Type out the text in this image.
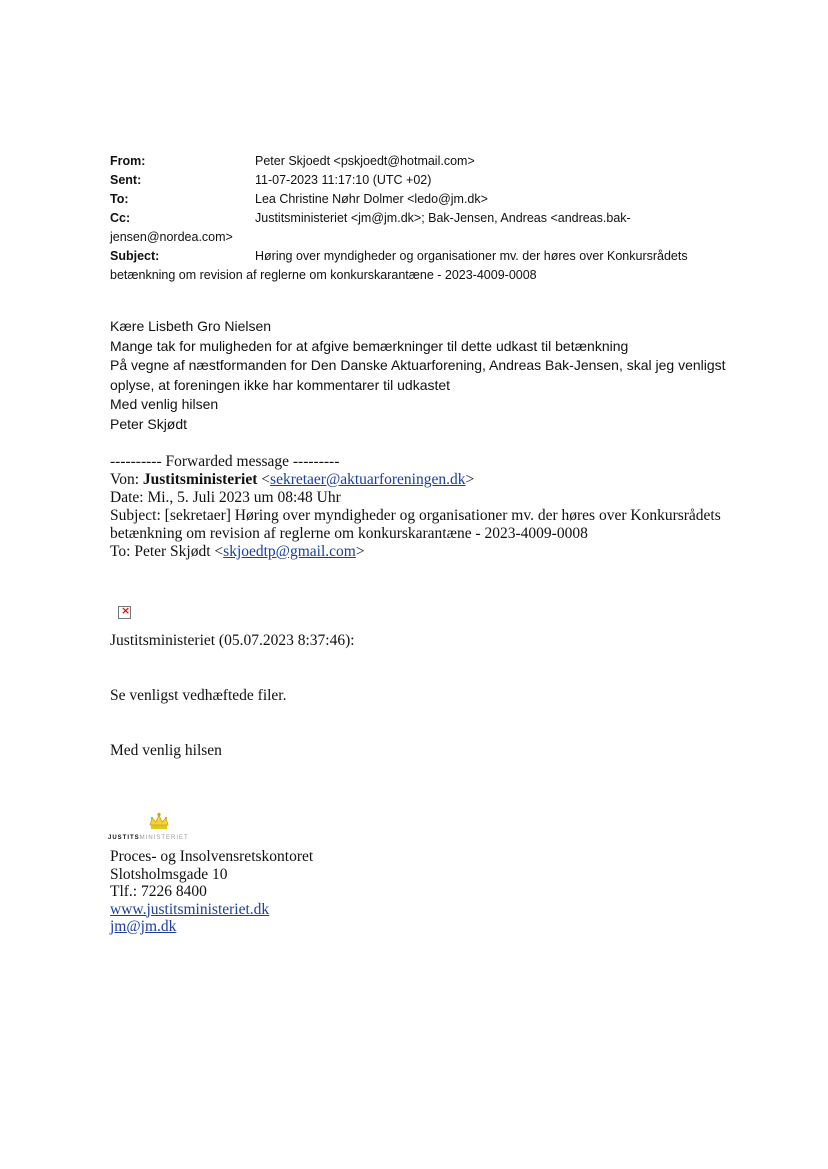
From:	Peter Skjoedt <pskjoedt@hotmail.com>
Sent:	11-07-2023 11:17:10 (UTC +02)
To:	Lea Christine Nøhr Dolmer <ledo@jm.dk>
Cc:	Justitsministeriet <jm@jm.dk>; Bak-Jensen, Andreas <andreas.bak-
jensen@nordea.com>
Subject:	Høring over myndigheder og organisationer mv. der høres over Konkursrådets
betænkning om revision af reglerne om konkurskarantæne - 2023-4009-0008

Kære Lisbeth Gro Nielsen

Mange tak for muligheden for at afgive bemærkninger til dette udkast til betænkning

På vegne af næstformanden for Den Danske Aktuarforening, Andreas Bak-Jensen, skal jeg venligst

oplyse, at foreningen ikke har kommentarer til udkastet

Med venlig hilsen

Peter Skjødt

---------- Forwarded message ---------

Von: Justitsministeriet <sekretaer@aktuarforeningen.dk>

Date: Mi., 5. Juli 2023 um 08:48 Uhr

Subject: [sekretaer] Høring over myndigheder og organisationer mv. der høres over Konkursrådets

betænkning om revision af reglerne om konkurskarantæne - 2023-4009-0008

To: Peter Skjødt <skjoedtp@gmail.com>

×
Justitsministeriet (05.07.2023 8:37:46):
Se venligst vedhæftede filer.
Med venlig hilsen
JUSTITSMINISTERIET

Proces- og Insolvensretskontoret

Slotsholmsgade 10

Tlf.: 7226 8400

www.justitsministeriet.dk

jm@jm.dk
